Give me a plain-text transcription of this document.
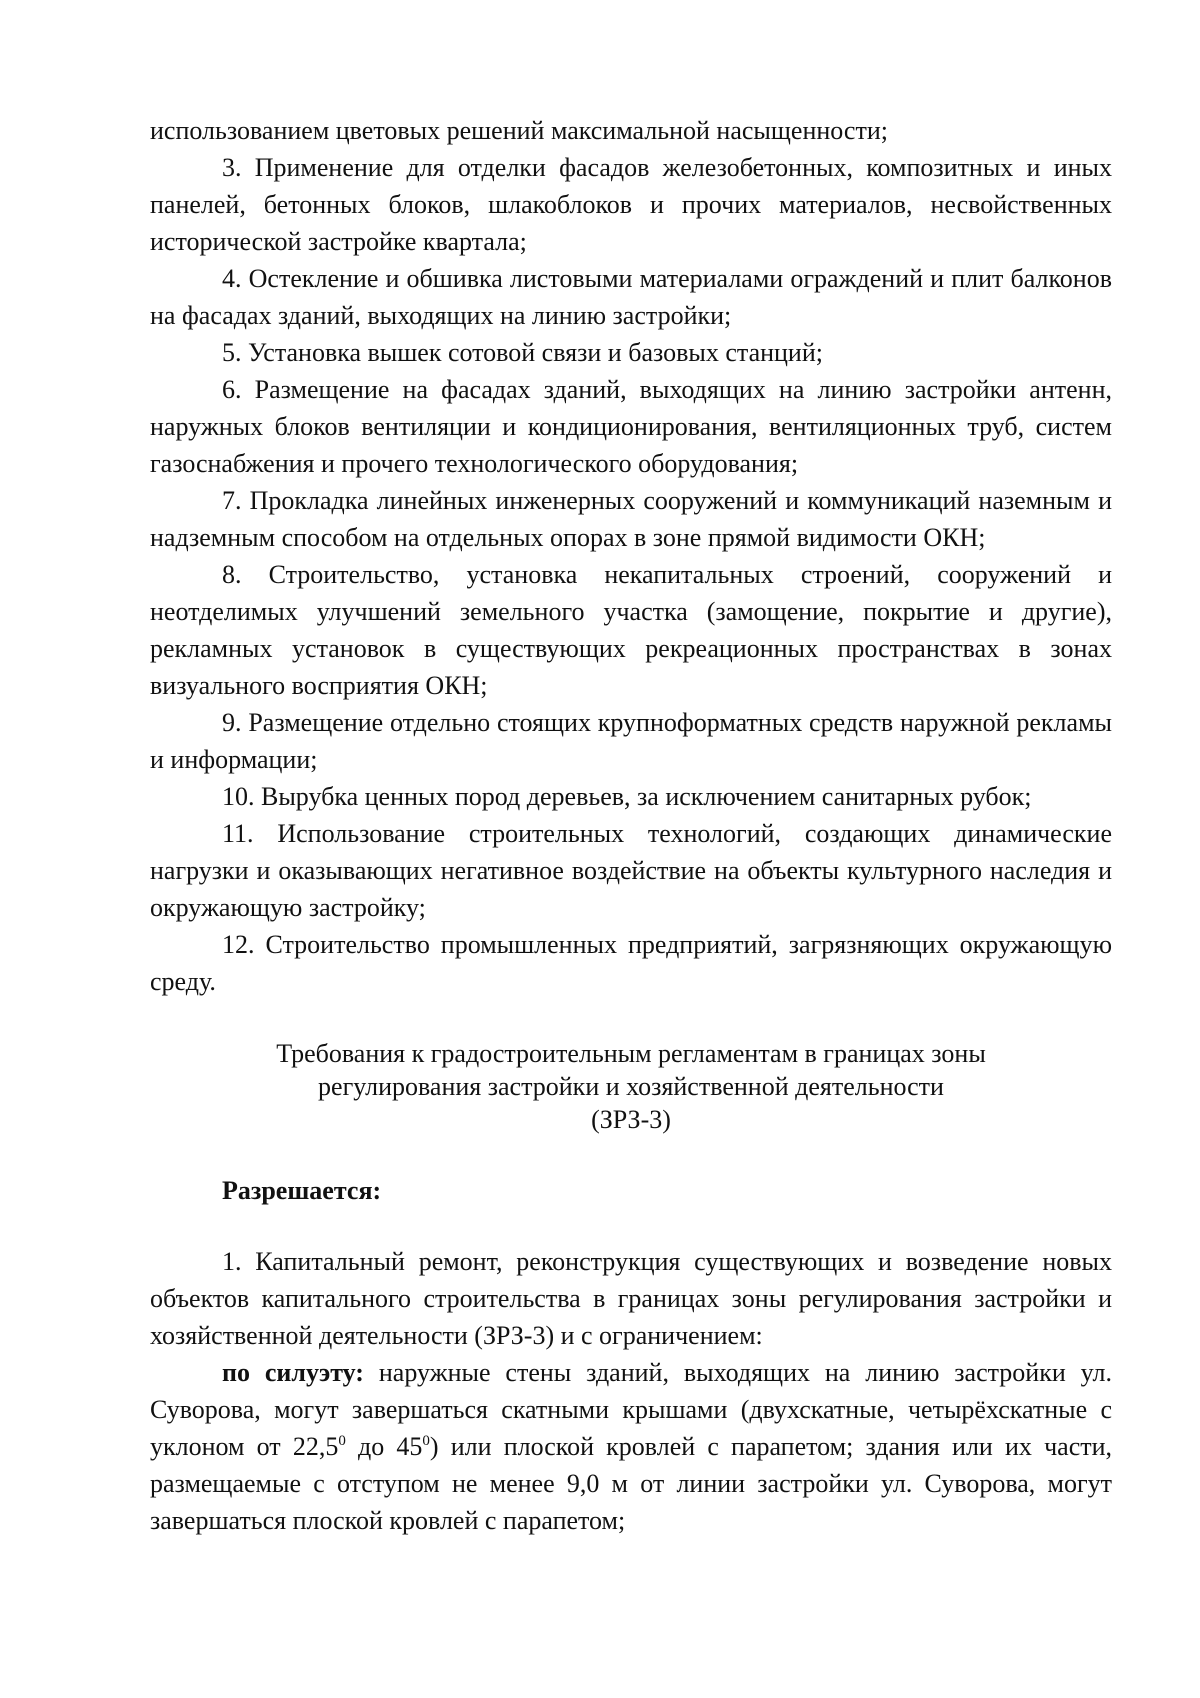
использованием цветовых решений максимальной насыщенности;

3. Применение для отделки фасадов железобетонных, композитных и иных панелей, бетонных блоков, шлакоблоков и прочих материалов, несвойственных исторической застройке квартала;

4. Остекление и обшивка листовыми материалами ограждений и плит балконов на фасадах зданий, выходящих на линию застройки;

5. Установка вышек сотовой связи и базовых станций;

6. Размещение на фасадах зданий, выходящих на линию застройки антенн, наружных блоков вентиляции и кондиционирования, вентиляционных труб, систем газоснабжения и прочего технологического оборудования;

7. Прокладка линейных инженерных сооружений и коммуникаций наземным и надземным способом на отдельных опорах в зоне прямой видимости ОКН;

8. Строительство, установка некапитальных строений, сооружений и неотделимых улучшений земельного участка (замощение, покрытие и другие), рекламных установок в существующих рекреационных пространствах в зонах визуального восприятия ОКН;

9. Размещение отдельно стоящих крупноформатных средств наружной рекламы и информации;

10. Вырубка ценных пород деревьев, за исключением санитарных рубок;

11. Использование строительных технологий, создающих динамические нагрузки и оказывающих негативное воздействие на объекты культурного наследия и окружающую застройку;

12. Строительство промышленных предприятий, загрязняющих окружающую среду.

Требования к градостроительным регламентам в границах зоны
регулирования застройки и хозяйственной деятельности
(ЗРЗ-3)

Разрешается:

1. Капитальный ремонт, реконструкция существующих и возведение новых объектов капитального строительства в границах зоны регулирования застройки и хозяйственной деятельности (ЗРЗ-3) и с ограничением:

по силуэту: наружные стены зданий, выходящих на линию застройки ул. Суворова, могут завершаться скатными крышами (двухскатные, четырёхскатные с уклоном от 22,5$^0$ до $45^0$) или плоской кровлей с парапетом; здания или их части, размещаемые с отступом не менее 9,0 м от линии застройки ул. Суворова, могут завершаться плоской кровлей с парапетом;
